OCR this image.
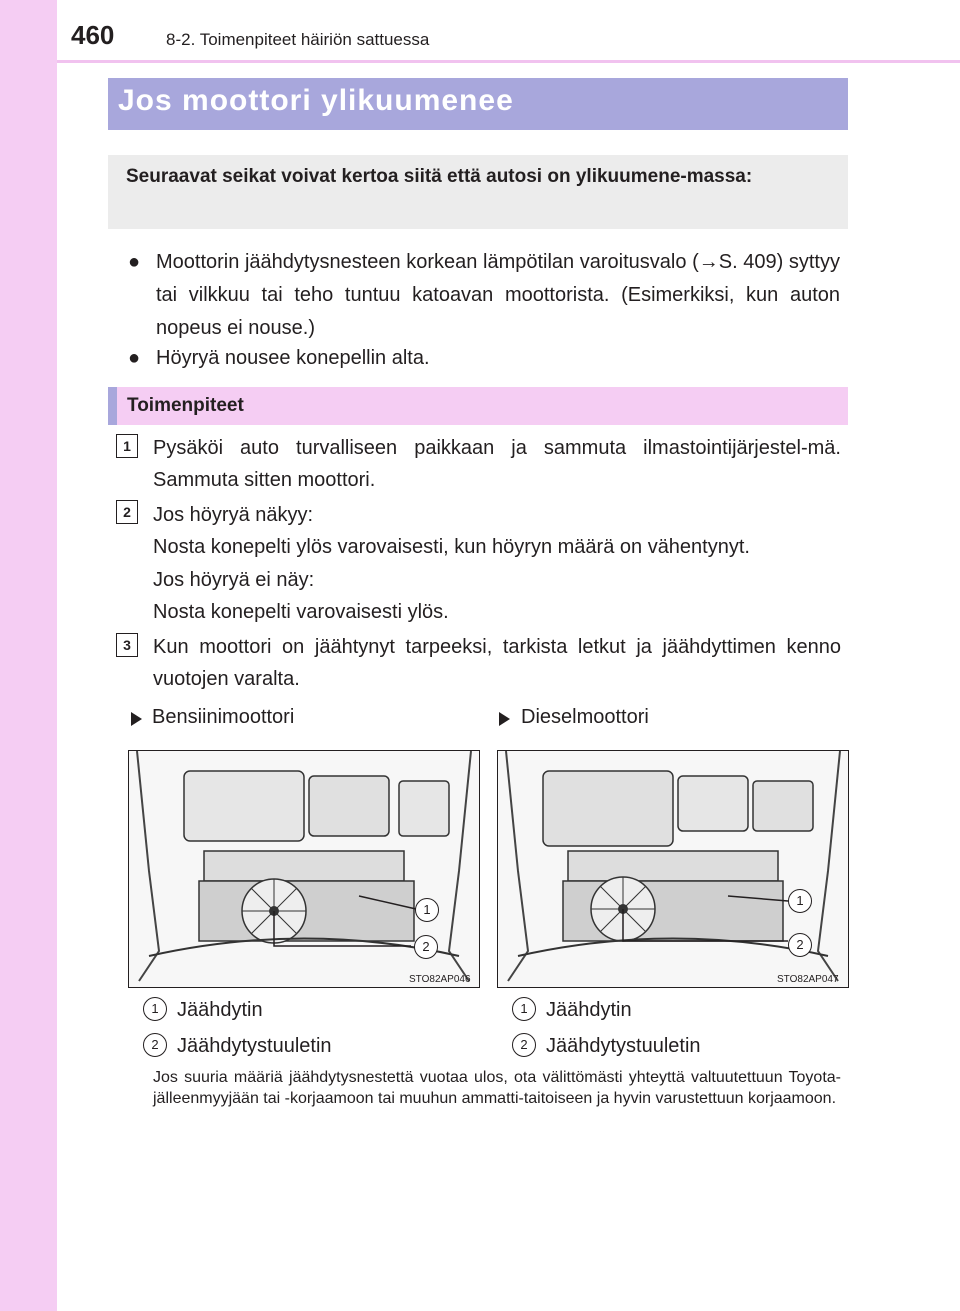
460	8-2. Toimenpiteet häiriön sattuessa
Jos moottori ylikuumenee
Seuraavat seikat voivat kertoa siitä että autosi on ylikuumene-massa:
● Moottorin jäähdytysnesteen korkean lämpötilan varoitusvalo (→S. 409) syttyy tai vilkkuu tai teho tuntuu katoavan moottorista. (Esimerkiksi, kun auton nopeus ei nouse.)
● Höyryä nousee konepellin alta.
Toimenpiteet
1	Pysäköi auto turvalliseen paikkaan ja sammuta ilmastointijärjestel-mä. Sammuta sitten moottori.
2	Jos höyryä näkyy:
Nosta konepelti ylös varovaisesti, kun höyryn määrä on vähentynyt.
Jos höyryä ei näy:
Nosta konepelti varovaisesti ylös.
3	Kun moottori on jäähtynyt tarpeeksi, tarkista letkut ja jäähdyttimen kenno vuotojen varalta.
Bensiinimoottori	Dieselmoottori
1
2
STO82AP046
1
2
STO82AP047
1 Jäähdytin
2 Jäähdytystuuletin
1 Jäähdytin
2 Jäähdytystuuletin
Jos suuria määriä jäähdytysnestettä vuotaa ulos, ota välittömästi yhteyttä valtuutettuun Toyota-jälleenmyyjään tai -korjaamoon tai muuhun ammatti-taitoiseen ja hyvin varustettuun korjaamoon.
